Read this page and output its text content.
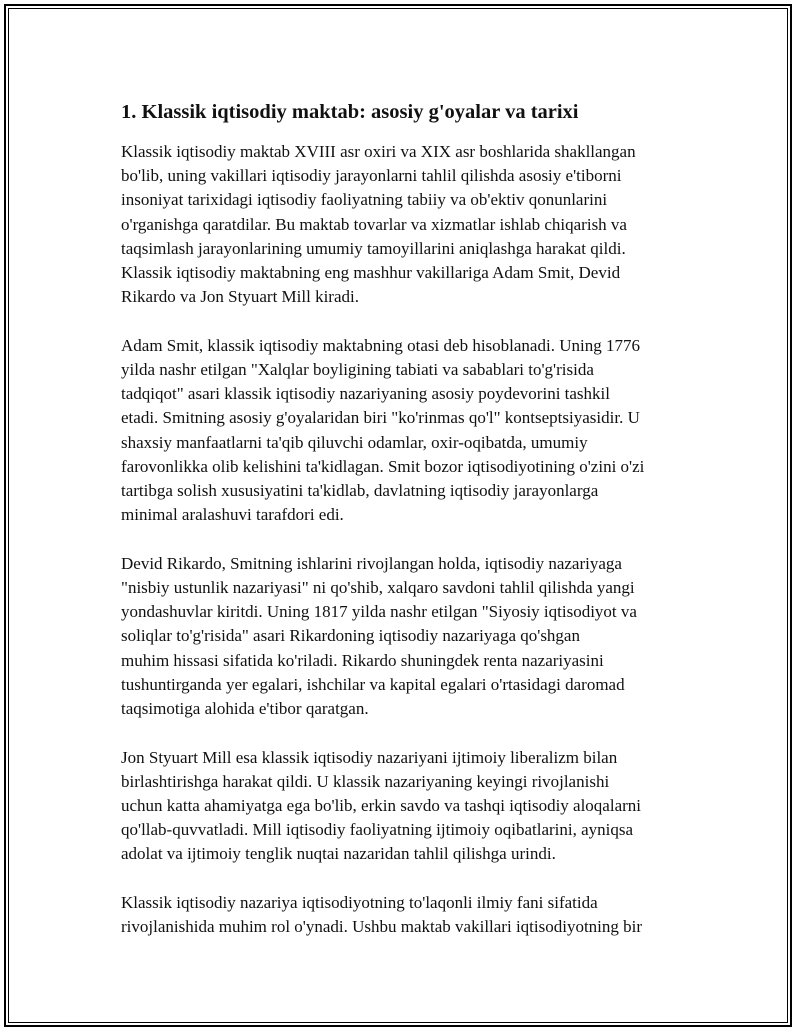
1. Klassik iqtisodiy maktab: asosiy g'oyalar va tarixi

Klassik iqtisodiy maktab XVIII asr oxiri va XIX asr boshlarida shakllangan
bo'lib, uning vakillari iqtisodiy jarayonlarni tahlil qilishda asosiy e'tiborni
insoniyat tarixidagi iqtisodiy faoliyatning tabiiy va ob'ektiv qonunlarini
o'rganishga qaratdilar. Bu maktab tovarlar va xizmatlar ishlab chiqarish va
taqsimlash jarayonlarining umumiy tamoyillarini aniqlashga harakat qildi.
Klassik iqtisodiy maktabning eng mashhur vakillariga Adam Smit, Devid
Rikardo va Jon Styuart Mill kiradi.

Adam Smit, klassik iqtisodiy maktabning otasi deb hisoblanadi. Uning 1776
yilda nashr etilgan "Xalqlar boyligining tabiati va sabablari to'g'risida
tadqiqot" asari klassik iqtisodiy nazariyaning asosiy poydevorini tashkil
etadi. Smitning asosiy g'oyalaridan biri "ko'rinmas qo'l" kontseptsiyasidir. U
shaxsiy manfaatlarni ta'qib qiluvchi odamlar, oxir-oqibatda, umumiy
farovonlikka olib kelishini ta'kidlagan. Smit bozor iqtisodiyotining o'zini o'zi
tartibga solish xususiyatini ta'kidlab, davlatning iqtisodiy jarayonlarga
minimal aralashuvi tarafdori edi.

Devid Rikardo, Smitning ishlarini rivojlangan holda, iqtisodiy nazariyaga
"nisbiy ustunlik nazariyasi" ni qo'shib, xalqaro savdoni tahlil qilishda yangi
yondashuvlar kiritdi. Uning 1817 yilda nashr etilgan "Siyosiy iqtisodiyot va
soliqlar to'g'risida" asari Rikardoning iqtisodiy nazariyaga qo'shgan
muhim hissasi sifatida ko'riladi. Rikardo shuningdek renta nazariyasini
tushuntirganda yer egalari, ishchilar va kapital egalari o'rtasidagi daromad
taqsimotiga alohida e'tibor qaratgan.

Jon Styuart Mill esa klassik iqtisodiy nazariyani ijtimoiy liberalizm bilan
birlashtirishga harakat qildi. U klassik nazariyaning keyingi rivojlanishi
uchun katta ahamiyatga ega bo'lib, erkin savdo va tashqi iqtisodiy aloqalarni
qo'llab-quvvatladi. Mill iqtisodiy faoliyatning ijtimoiy oqibatlarini, ayniqsa
adolat va ijtimoiy tenglik nuqtai nazaridan tahlil qilishga urindi.

Klassik iqtisodiy nazariya iqtisodiyotning to'laqonli ilmiy fani sifatida
rivojlanishida muhim rol o'ynadi. Ushbu maktab vakillari iqtisodiyotning bir
